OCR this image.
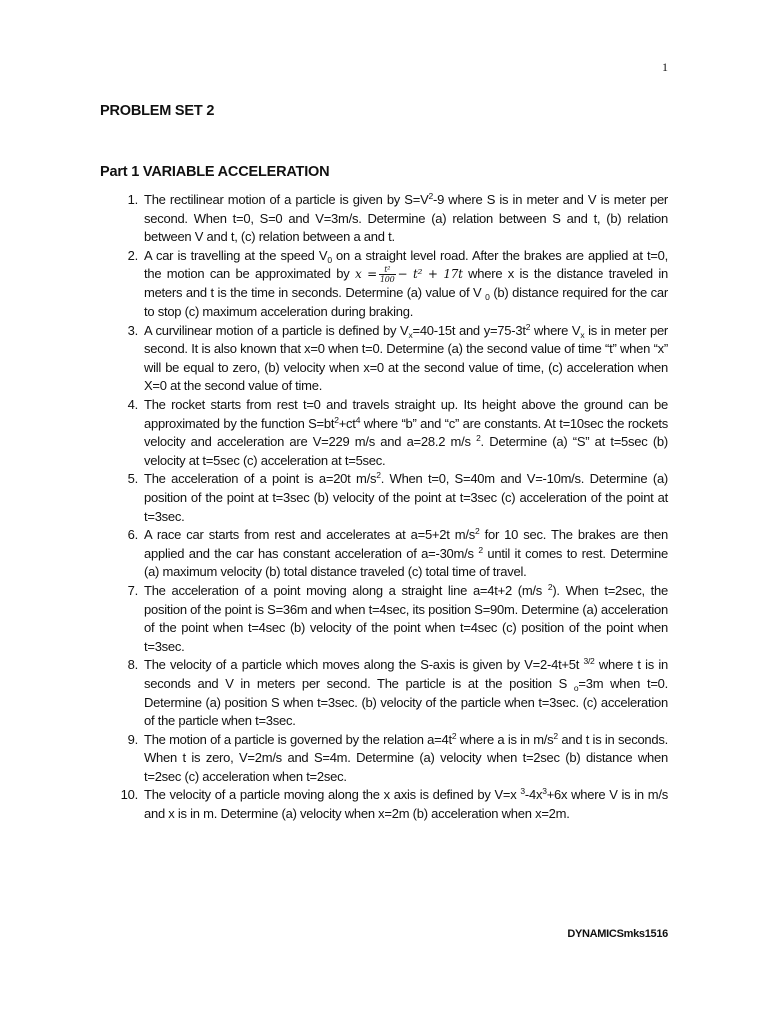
1
PROBLEM SET 2
Part 1 VARIABLE ACCELERATION
1. The rectilinear motion of a particle is given by $S=V^2-9$ where S is in meter and V is meter per second. When t=0, S=0 and V=3m/s. Determine (a) relation between S and t, (b) relation between V and t, (c) relation between a and t.
2. A car is travelling at the speed $V_0$ on a straight level road. After the brakes are applied at t=0, the motion can be approximated by $x = \frac{\text{t²}}{100} - t^2 + 17t$ where x is the distance traveled in meters and t is the time in seconds. Determine (a) value of V $_0$ (b) distance required for the car to stop (c) maximum acceleration during braking.
3. A curvilinear motion of a particle is defined by $V_x=40-15t$ and $y=75-3t^2$ where $V_x$ is in meter per second. It is also known that x=0 when t=0. Determine (a) the second value of time “t” when “x” will be equal to zero, (b) velocity when x=0 at the second value of time, (c) acceleration when X=0 at the second value of time.
4. The rocket starts from rest t=0 and travels straight up. Its height above the ground can be approximated by the function $S=bt^2+ct^4$ where “b” and “c” are constants. At t=10sec the rockets velocity and acceleration are V=229 m/s and a=28.2 m/s $^2$. Determine (a) “S” at t=5sec (b) velocity at t=5sec (c) acceleration at t=5sec.
5. The acceleration of a point is a=20t $m/s^2$. When t=0, S=40m and V=-10m/s. Determine (a) position of the point at t=3sec (b) velocity of the point at t=3sec (c) acceleration of the point at t=3sec.
6. A race car starts from rest and accelerates at a=5+2t $m/s^2$ for 10 sec. The brakes are then applied and the car has constant acceleration of a=-30m/s $^2$ until it comes to rest. Determine (a) maximum velocity (b) total distance traveled (c) total time of travel.
7. The acceleration of a point moving along a straight line a=4t+2 (m/s $^2$). When t=2sec, the position of the point is S=36m and when t=4sec, its position S=90m. Determine (a) acceleration of the point when t=4sec (b) velocity of the point when t=4sec (c) position of the point when t=3sec.
8. The velocity of a particle which moves along the S-axis is given by V=2-4t+5t $^{3/2}$ where t is in seconds and V in meters per second. The particle is at the position S $_o$=3m when t=0. Determine (a) position S when t=3sec. (b) velocity of the particle when t=3sec. (c) acceleration of the particle when t=3sec.
9. The motion of a particle is governed by the relation $a=4t^2$ where a is in $m/s^2$ and t is in seconds. When t is zero, V=2m/s and S=4m. Determine (a) velocity when t=2sec (b) distance when t=2sec (c) acceleration when t=2sec.
10. The velocity of a particle moving along the x axis is defined by V=x $^3-4x^3+6x$ where V is in m/s and x is in m. Determine (a) velocity when x=2m (b) acceleration when x=2m.
DYNAMICSmks1516
